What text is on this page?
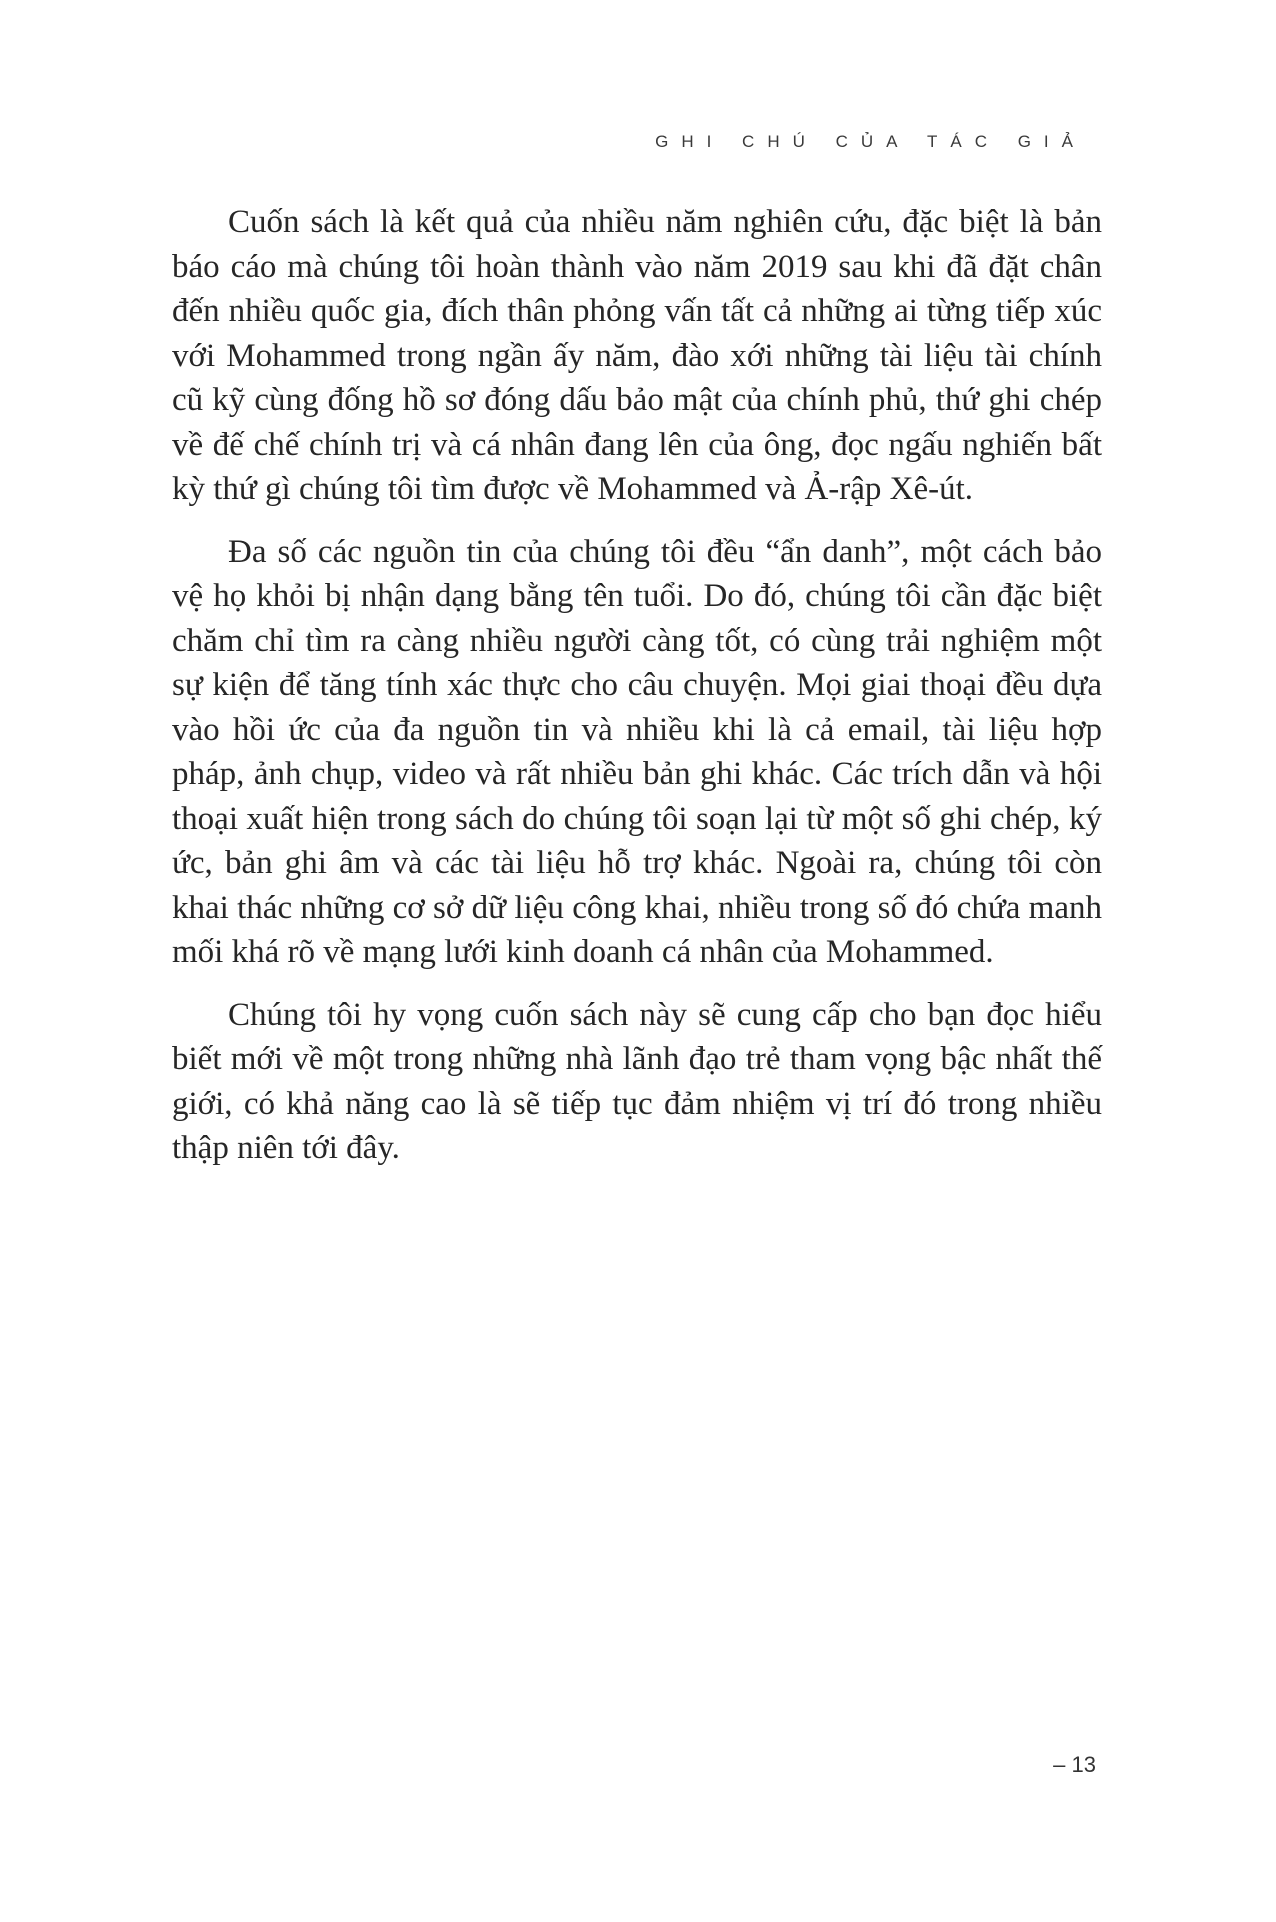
GHI CHÚ CỦA TÁC GIẢ

Cuốn sách là kết quả của nhiều năm nghiên cứu, đặc biệt là bản báo cáo mà chúng tôi hoàn thành vào năm 2019 sau khi đã đặt chân đến nhiều quốc gia, đích thân phỏng vấn tất cả những ai từng tiếp xúc với Mohammed trong ngần ấy năm, đào xới những tài liệu tài chính cũ kỹ cùng đống hồ sơ đóng dấu bảo mật của chính phủ, thứ ghi chép về đế chế chính trị và cá nhân đang lên của ông, đọc ngấu nghiến bất kỳ thứ gì chúng tôi tìm được về Mohammed và Ả-rập Xê-út.

Đa số các nguồn tin của chúng tôi đều “ẩn danh”, một cách bảo vệ họ khỏi bị nhận dạng bằng tên tuổi. Do đó, chúng tôi cần đặc biệt chăm chỉ tìm ra càng nhiều người càng tốt, có cùng trải nghiệm một sự kiện để tăng tính xác thực cho câu chuyện. Mọi giai thoại đều dựa vào hồi ức của đa nguồn tin và nhiều khi là cả email, tài liệu hợp pháp, ảnh chụp, video và rất nhiều bản ghi khác. Các trích dẫn và hội thoại xuất hiện trong sách do chúng tôi soạn lại từ một số ghi chép, ký ức, bản ghi âm và các tài liệu hỗ trợ khác. Ngoài ra, chúng tôi còn khai thác những cơ sở dữ liệu công khai, nhiều trong số đó chứa manh mối khá rõ về mạng lưới kinh doanh cá nhân của Mohammed.

Chúng tôi hy vọng cuốn sách này sẽ cung cấp cho bạn đọc hiểu biết mới về một trong những nhà lãnh đạo trẻ tham vọng bậc nhất thế giới, có khả năng cao là sẽ tiếp tục đảm nhiệm vị trí đó trong nhiều thập niên tới đây.

– 13
